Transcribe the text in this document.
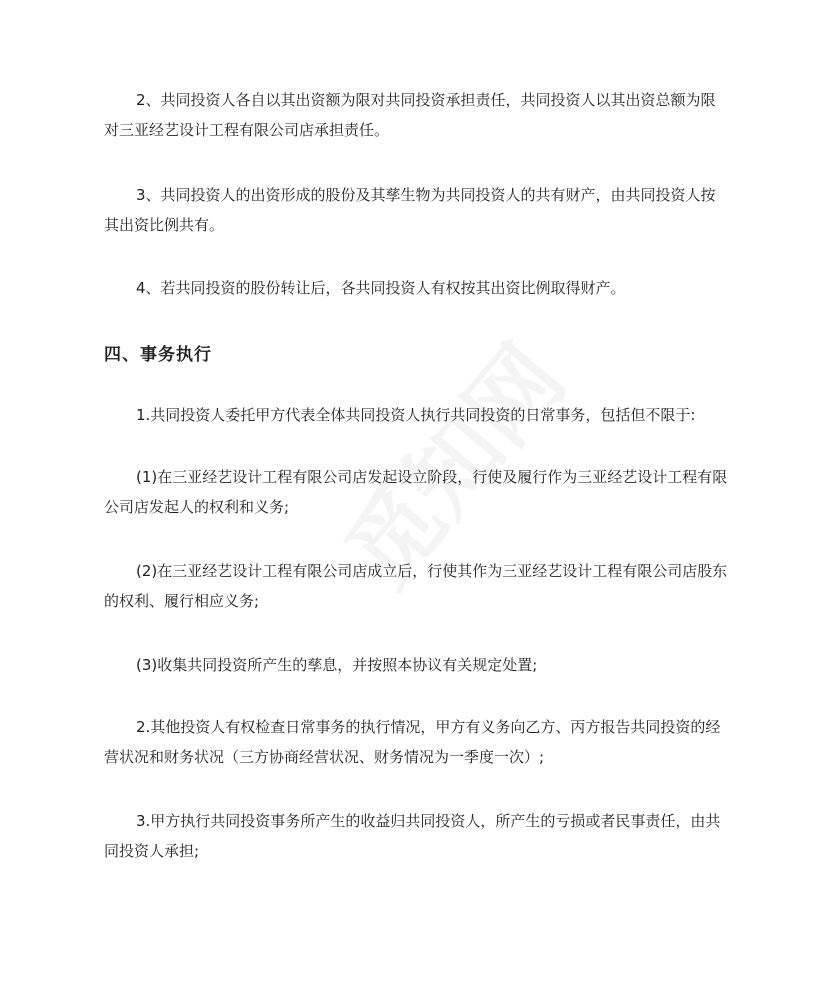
2、共同投资人各自以其出资额为限对共同投资承担责任，共同投资人以其出资总额为限对三亚经艺设计工程有限公司店承担责任。

3、共同投资人的出资形成的股份及其孳生物为共同投资人的共有财产，由共同投资人按其出资比例共有。

4、若共同投资的股份转让后，各共同投资人有权按其出资比例取得财产。

四、事务执行

1.共同投资人委托甲方代表全体共同投资人执行共同投资的日常事务，包括但不限于:

(1)在三亚经艺设计工程有限公司店发起设立阶段，行使及履行作为三亚经艺设计工程有限公司店发起人的权利和义务;

(2)在三亚经艺设计工程有限公司店成立后，行使其作为三亚经艺设计工程有限公司店股东的权利、履行相应义务;

(3)收集共同投资所产生的孳息，并按照本协议有关规定处置;

2.其他投资人有权检查日常事务的执行情况，甲方有义务向乙方、丙方报告共同投资的经营状况和财务状况（三方协商经营状况、财务情况为一季度一次）;

3.甲方执行共同投资事务所产生的收益归共同投资人，所产生的亏损或者民事责任，由共同投资人承担;
